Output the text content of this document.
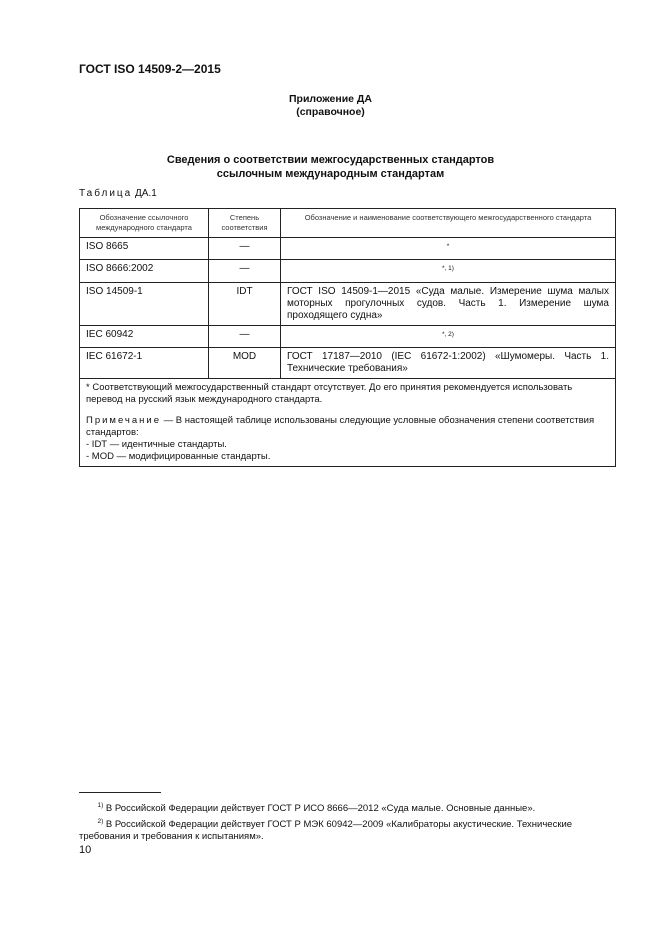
ГОСТ ISO 14509-2—2015
Приложение ДА
(справочное)
Сведения о соответствии межгосударственных стандартов
ссылочным международным стандартам
Таблица ДА.1
Обозначение ссылочного международного стандарта	Степень соответствия	Обозначение и наименование соответствующего межгосударственного стандарта
ISO 8665	—	*
ISO 8666:2002	—	$^{*, 1)}$
ISO 14509-1	IDT	ГОСТ ISO 14509-1—2015 «Суда малые. Измерение шума малых моторных прогулочных судов. Часть 1. Измерение шума проходящего судна»
IEC 60942	—	$^{*, 2)}$
IEC 61672-1	MOD	ГОСТ 17187—2010 (IEC 61672-1:2002) «Шумомеры. Часть 1. Технические требования»

* Соответствующий межгосударственный стандарт отсутствует. До его принятия рекомендуется использовать перевод на русский язык международного стандарта.

Примечание — В настоящей таблице использованы следующие условные обозначения степени соответствия стандартов:

- IDT — идентичные стандарты.

- MOD — модифицированные стандарты.		

$^{1)}$ В Российской Федерации действует ГОСТ Р ИСО 8666—2012 «Суда малые. Основные данные».
$^{2)}$ В Российской Федерации действует ГОСТ Р МЭК 60942—2009 «Калибраторы акустические. Технические требования и требования к испытаниям».
10
